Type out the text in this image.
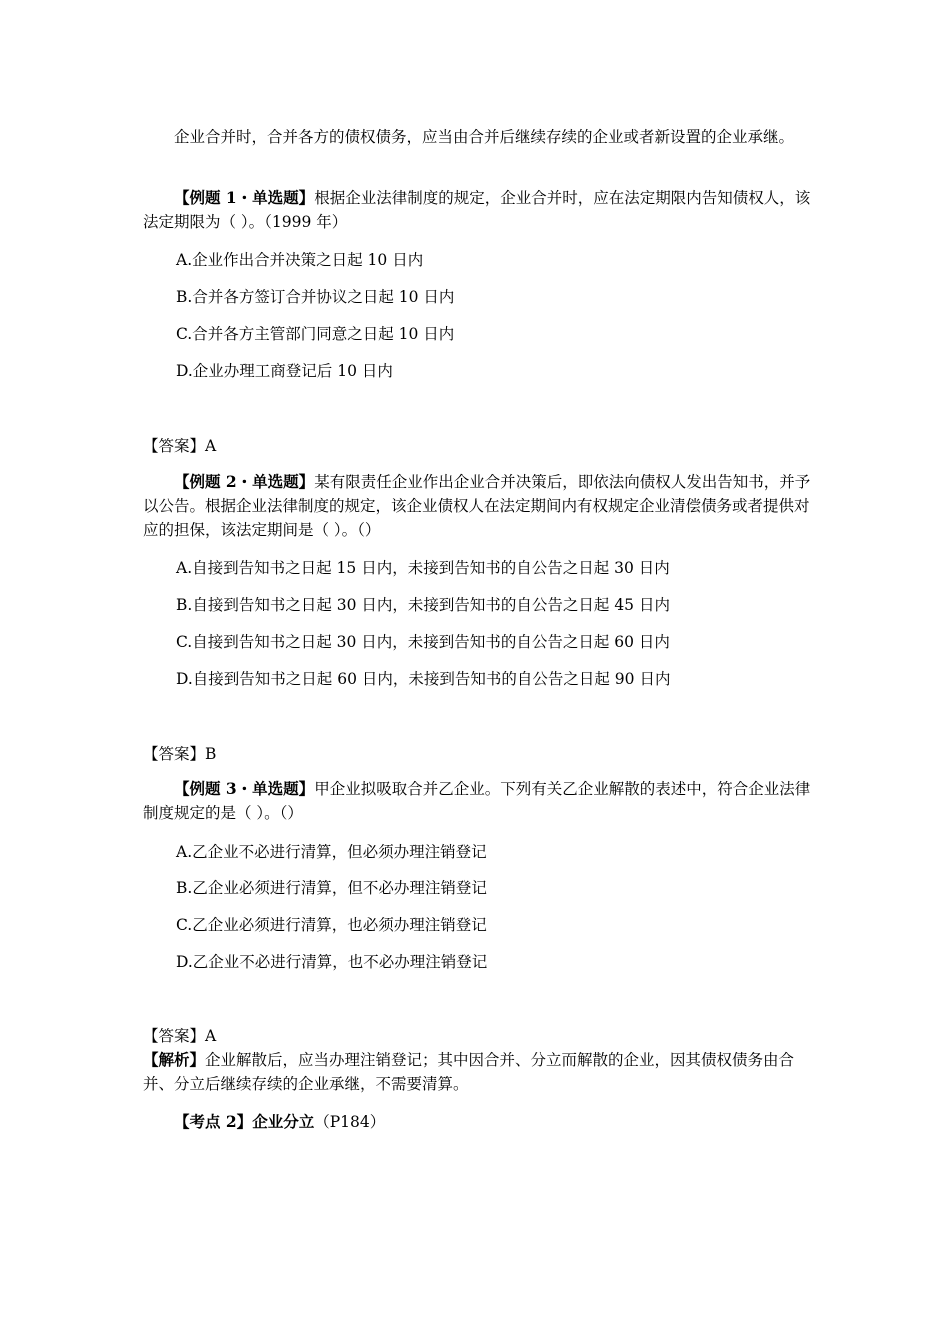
企业合并时，合并各方的债权债务，应当由合并后继续存续的企业或者新设置的企业承继。
【例题 1・单选题】根据企业法律制度的规定，企业合并时，应在法定期限内告知债权人，该法定期限为（ ）。（1999 年）
A.企业作出合并决策之日起 10 日内
B.合并各方签订合并协议之日起 10 日内
C.合并各方主管部门同意之日起 10 日内
D.企业办理工商登记后 10 日内
【答案】A
【例题 2・单选题】某有限责任企业作出企业合并决策后，即依法向债权人发出告知书，并予以公告。根据企业法律制度的规定，该企业债权人在法定期间内有权规定企业清偿债务或者提供对应的担保，该法定期间是（ ）。（）
A.自接到告知书之日起 15 日内，未接到告知书的自公告之日起 30 日内
B.自接到告知书之日起 30 日内，未接到告知书的自公告之日起 45 日内
C.自接到告知书之日起 30 日内，未接到告知书的自公告之日起 60 日内
D.自接到告知书之日起 60 日内，未接到告知书的自公告之日起 90 日内
【答案】B
【例题 3・单选题】甲企业拟吸取合并乙企业。下列有关乙企业解散的表述中，符合企业法律制度规定的是（ ）。（）
A.乙企业不必进行清算，但必须办理注销登记
B.乙企业必须进行清算，但不必办理注销登记
C.乙企业必须进行清算，也必须办理注销登记
D.乙企业不必进行清算，也不必办理注销登记
【答案】A
【解析】企业解散后，应当办理注销登记；其中因合并、分立而解散的企业，因其债权债务由合并、分立后继续存续的企业承继，不需要清算。
【考点 2】企业分立（P184）
